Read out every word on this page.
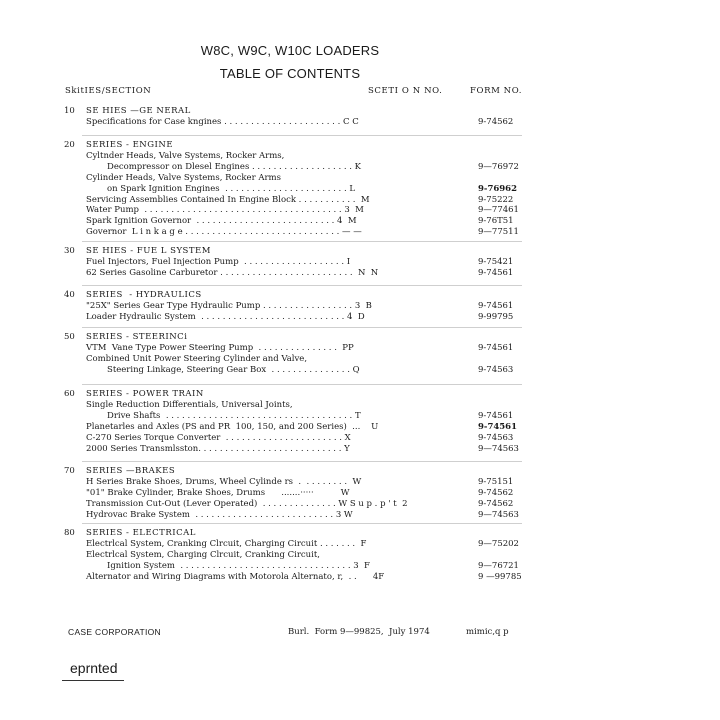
W8C, W9C, W10C LOADERS
TABLE OF CONTENTS
SkitIES/SECTION	SCETI O N NO.	FORM NO.
10 SE HIES —GE NERAL
Specifications for Case kngines . . . . . . . . . . . . . . . . . . . . . . C C	9-74562
20 SERIES - ENGINE
Cyltnder Heads, Valve Systems, Rocker Arms,
Decompressor on Dlesel Engines . . . . . . . . . . . . . . . . . . . K	9—76972
Cylinder Heads, Valve Systems, Rocker Arms
on Spark Ignition Engines  . . . . . . . . . . . . . . . . . . . . . . . L	9-76962
Servicing Assemblies Contained In Engine Block . . . . . . . . . . .  M	9-75222
Water Pump  . . . . . . . . . . . . . . . . . . . . . . . . . . . . . . . . . . . . . 3  M	9—77461
Spark Ignition Governor  . . . . . . . . . . . . . . . . . . . . . . . . . . 4  M	9-76T51
Governor  L i n k a g e . . . . . . . . . . . . . . . . . . . . . . . . . . . . . — —	9—77511
30 SE HIES - FUE L SYSTEM
Fuel Injectors, Fuel Injection Pump  . . . . . . . . . . . . . . . . . . . I	9-75421
62 Series Gasoline Carburetor . . . . . . . . . . . . . . . . . . . . . . . . .  N  N	9-74561
40 SERIES  - HYDRAULICS
"25X" Series Gear Type Hydraulic Pump . . . . . . . . . . . . . . . . . 3  B	9-74561
Loader Hydraulic System  . . . . . . . . . . . . . . . . . . . . . . . . . . . 4  D	9-99795
50 SERIES - STEERINCi
VTM  Vane Type Power Steering Pump  . . . . . . . . . . . . . . .  PP	9-74561
Combined Unit Power Steering Cylinder and Valve,
Steering Linkage, Steering Gear Box  . . . . . . . . . . . . . . . Q	9-74563
60 SERIES - POWER TRAIN
Single Reduction Differentials, Universal Joints,
Drive Shafts  . . . . . . . . . . . . . . . . . . . . . . . . . . . . . . . . . . . T	9-74561
Planetarles and Axles (PS and PR  100, 150, and 200 Series)  ...    U	9-74561
C-270 Series Torque Converter  . . . . . . . . . . . . . . . . . . . . . . X	9-74563
2000 Series Transmlsston. . . . . . . . . . . . . . . . . . . . . . . . . . . Y	9—74563
70 SERIES —BRAKES
H Series Brake Shoes, Drums, Wheel Cylinde rs  .  . . . . . . . .  W	9-75151
"01" Brake Cylinder, Brake Shoes, Drums      .......·····          W	9-74562
Transmission Cut-Out (Lever Operated)  . . . . . . . . . . . . . . W S u p . p ' t  2	9-74562
Hydrovac Brake System  . . . . . . . . . . . . . . . . . . . . . . . . . . 3 W	9—74563
80 SERIES - ELECTRICAL
Electrlcal System, Cranking Clrcuit, Charging Circuit . . . . . . .  F	9—75202
Electrlcal System, Charging Clrcuit, Cranking Circuit,
Ignition System  . . . . . . . . . . . . . . . . . . . . . . . . . . . . . . . . 3  F	9—76721
Alternator and Wiring Diagrams with Motorola Alternato, r,  . .      4F	9 —99785
CASE CORPORATION	Burl.  Form 9—99825,  July 1974	mimic,q p
eprnted
